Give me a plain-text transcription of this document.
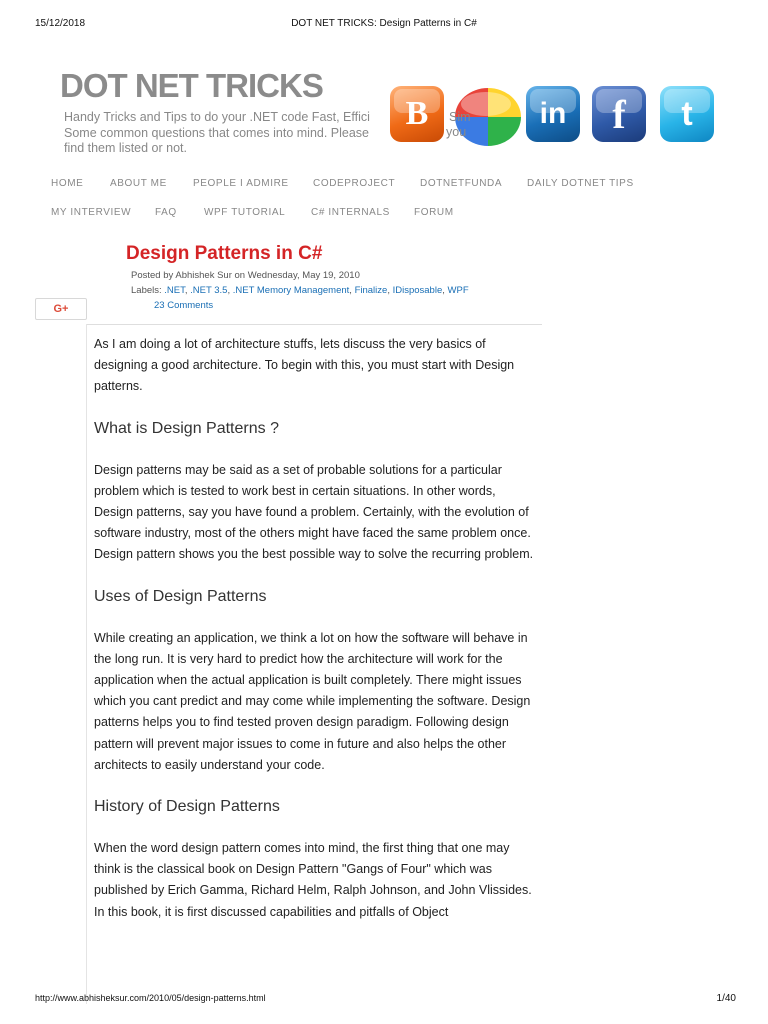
15/12/2018	DOT NET TRICKS: Design Patterns in C#
DOT NET TRICKS
Handy Tricks and Tips to do your .NET code Fast, Effici
Some common questions that comes into mind. Please
find them listed or not.
B	in	f	t
Sim
you
HOME	ABOUT ME	PEOPLE I ADMIRE CODEPROJECT DOTNETFUNDA DAILY DOTNET TIPS
MY INTERVIEW FAQ	WPF TUTORIAL	C# INTERNALS FORUM
Design Patterns in C#
Posted by Abhishek Sur on Wednesday, May 19, 2010
Labels: .NET, .NET 3.5, .NET Memory Management, Finalize, IDisposable, WPF
23 Comments
G+

As I am doing a lot of architecture stuffs, lets discuss the very basics of designing a good architecture. To begin with this, you must start with Design patterns.

What is Design Patterns ?

Design patterns may be said as a set of probable solutions for a particular problem which is tested to work best in certain situations. In other words, Design patterns, say you have found a problem. Certainly, with the evolution of software industry, most of the others might have faced the same problem once. Design pattern shows you the best possible way to solve the recurring problem.

Uses of Design Patterns

While creating an application, we think a lot on how the software will behave in the long run. It is very hard to predict how the architecture will work for the application when the actual application is built completely. There might issues which you cant predict and may come while implementing the software. Design patterns helps you to find tested proven design paradigm. Following design pattern will prevent major issues to come in future and also helps the other architects to easily understand your code.

History of Design Patterns

When the word design pattern comes into mind, the first thing that one may think is the classical book on Design Pattern "Gangs of Four" which was published by Erich Gamma, Richard Helm, Ralph Johnson, and John Vlissides. In this book, it is first discussed capabilities and pitfalls of Object

http://www.abhisheksur.com/2010/05/design-patterns.html	1/40
